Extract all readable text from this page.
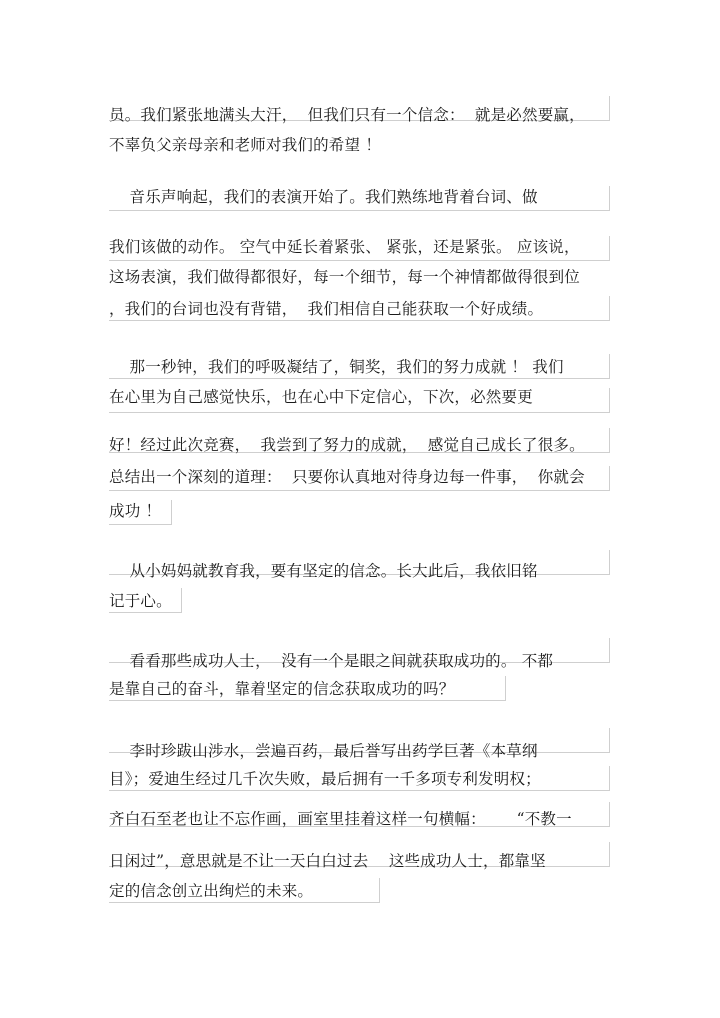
员。我们紧张地满头大汗，  但我们只有一个信念：  就是必然要赢，
不辜负父亲母亲和老师对我们的希望 ！
音乐声响起，我们的表演开始了。我们熟练地背着台词、做
我们该做的动作。 空气中延长着紧张、 紧张，还是紧张。 应该说，
这场表演，我们做得都很好，每一个细节，每一个神情都做得很到位
，我们的台词也没有背错，  我们相信自己能获取一个好成绩。
那一秒钟，我们的呼吸凝结了，铜奖，我们的努力成就 ！ 我们
在心里为自己感觉快乐，也在心中下定信心，下次，必然要更
好！经过此次竞赛，  我尝到了努力的成就，  感觉自己成长了很多。
总结出一个深刻的道理：  只要你认真地对待身边每一件事，  你就会
成功 ！
从小妈妈就教育我，要有坚定的信念。长大此后，我依旧铭
记于心。
看看那些成功人士，  没有一个是眼之间就获取成功的。 不都
是靠自己的奋斗，靠着坚定的信念获取成功的吗？
李时珍跋山涉水，尝遍百药，最后誉写出药学巨著《本草纲
目》；爱迪生经过几千次失败，最后拥有一千多项专利发明权；
齐白石至老也让不忘作画，画室里挂着这样一句横幅：      “不教一
日闲过”，意思就是不让一天白白过去    这些成功人士，都靠坚
定的信念创立出绚烂的未来。
